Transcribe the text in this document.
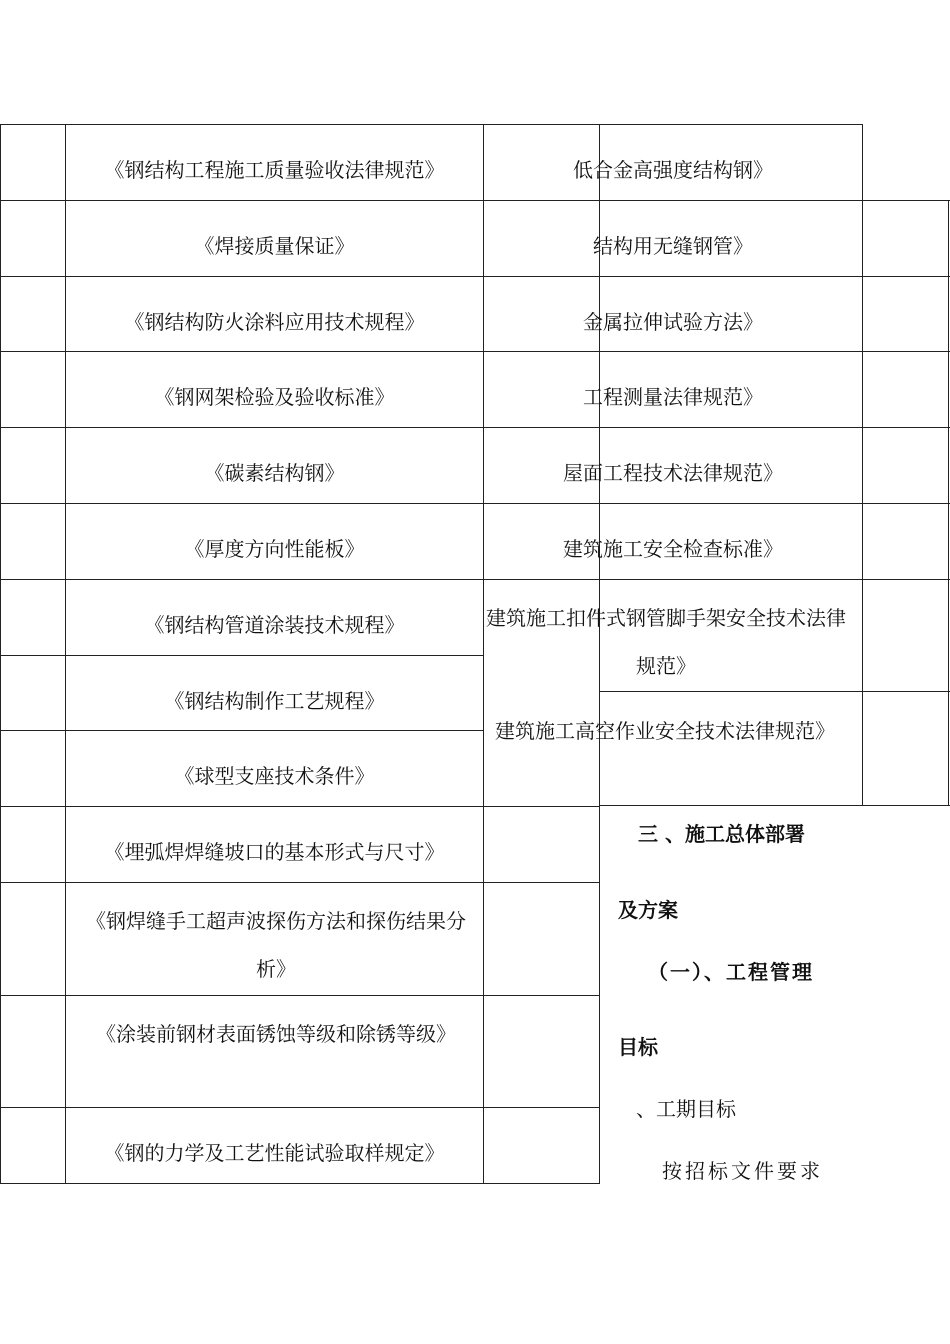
《钢结构工程施工质量验收法律规范》
《焊接质量保证》
《钢结构防火涂料应用技术规程》
《钢网架检验及验收标准》
《碳素结构钢》
《厚度方向性能板》
《钢结构管道涂装技术规程》
《钢结构制作工艺规程》
《球型支座技术条件》
《埋弧焊焊缝坡口的基本形式与尺寸》
《钢焊缝手工超声波探伤方法和探伤结果分析》
《涂装前钢材表面锈蚀等级和除锈等级》
《钢的力学及工艺性能试验取样规定》
低合金高强度结构钢》
结构用无缝钢管》
金属拉伸试验方法》
工程测量法律规范》
屋面工程技术法律规范》
建筑施工安全检查标准》
建筑施工扣件式钢管脚手架安全技术法律规范》
建筑施工高空作业安全技术法律规范》
三 、施工总体部署
及方案
（一）、工程管理
目标
、工期目标
按招标文件要求
